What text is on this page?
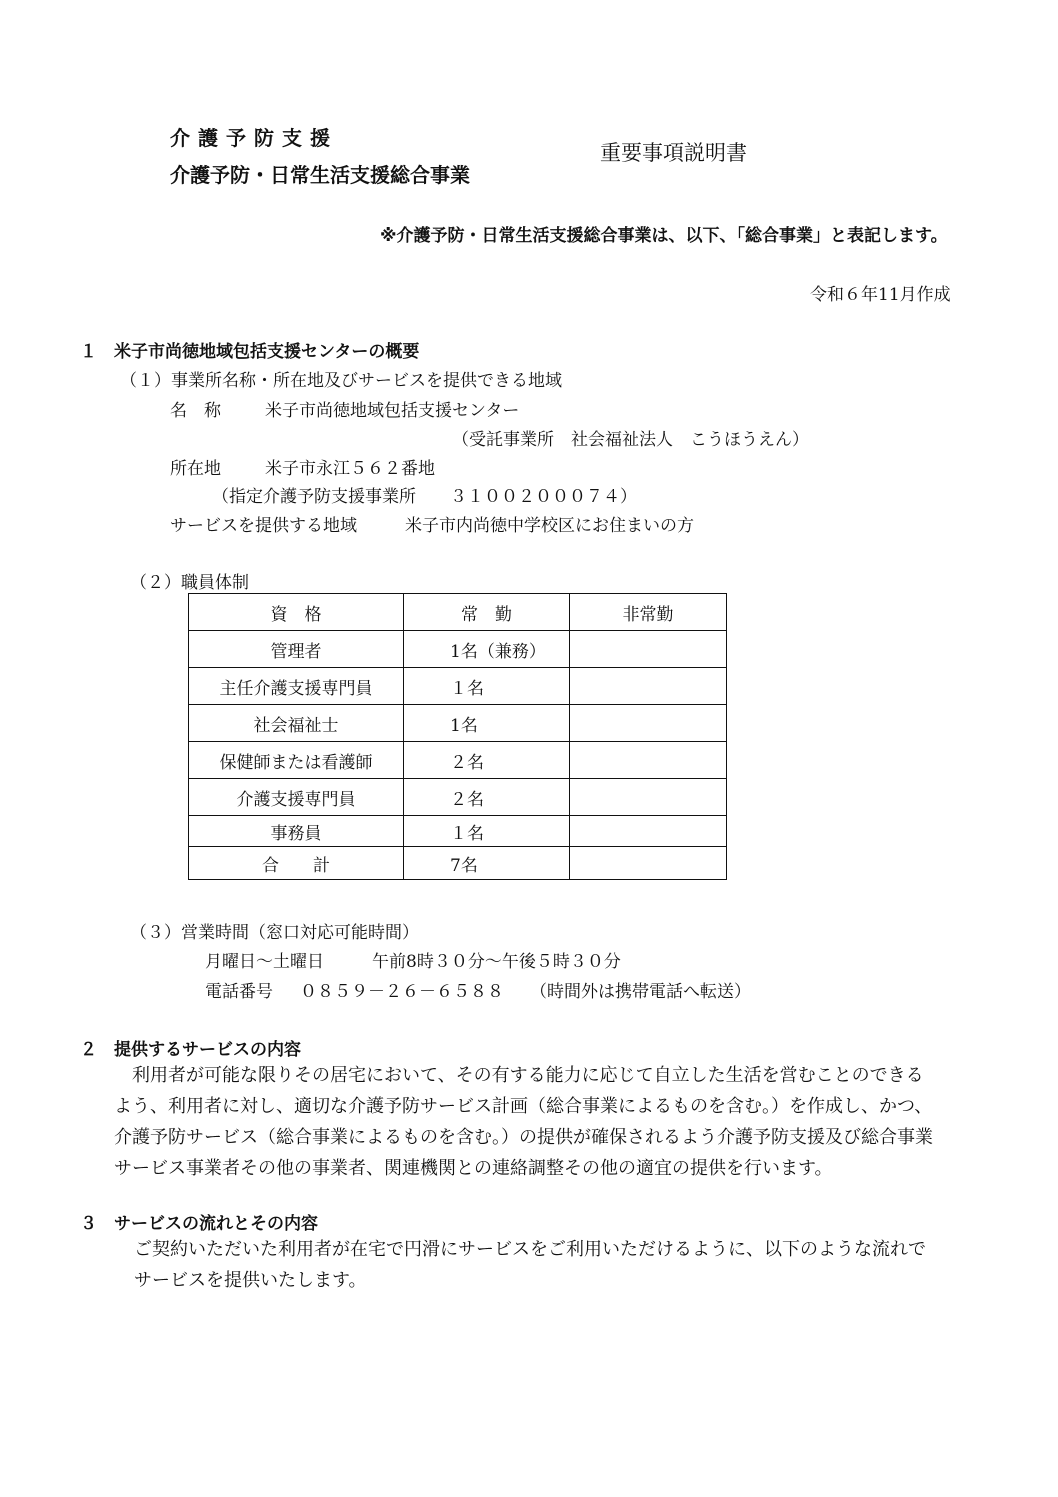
介護予防支援
介護予防・日常生活支援総合事業
重要事項説明書
※介護予防・日常生活支援総合事業は、以下、「総合事業」と表記します。
令和６年11月作成
１　米子市尚徳地域包括支援センターの概要
（１）事業所名称・所在地及びサービスを提供できる地域
名　称	米子市尚徳地域包括支援センター
（受託事業所　社会福祉法人　こうほうえん）
所在地	米子市永江５６２番地
（指定介護予防支援事業所　　３１００２０００７４）
サービスを提供する地域	米子市内尚徳中学校区にお住まいの方
（２）職員体制
資　格	常　勤	非常勤
管理者	1名（兼務）	
主任介護支援専門員	１名	
社会福祉士	1名	
保健師または看護師	２名	
介護支援専門員	２名	
事務員	１名	
合　　計	7名	
（３）営業時間（窓口対応可能時間）
月曜日～土曜日	午前8時３０分～午後５時３０分
電話番号 ０８５９－２６－６５８８ （時間外は携帯電話へ転送）
２　提供するサービスの内容
利用者が可能な限りその居宅において、その有する能力に応じて自立した生活を営むことのできる
よう、利用者に対し、適切な介護予防サービス計画（総合事業によるものを含む。）を作成し、かつ、
介護予防サービス（総合事業によるものを含む。）の提供が確保されるよう介護予防支援及び総合事業
サービス事業者その他の事業者、関連機関との連絡調整その他の適宜の提供を行います。
３　サービスの流れとその内容
ご契約いただいた利用者が在宅で円滑にサービスをご利用いただけるように、以下のような流れで
サービスを提供いたします。
